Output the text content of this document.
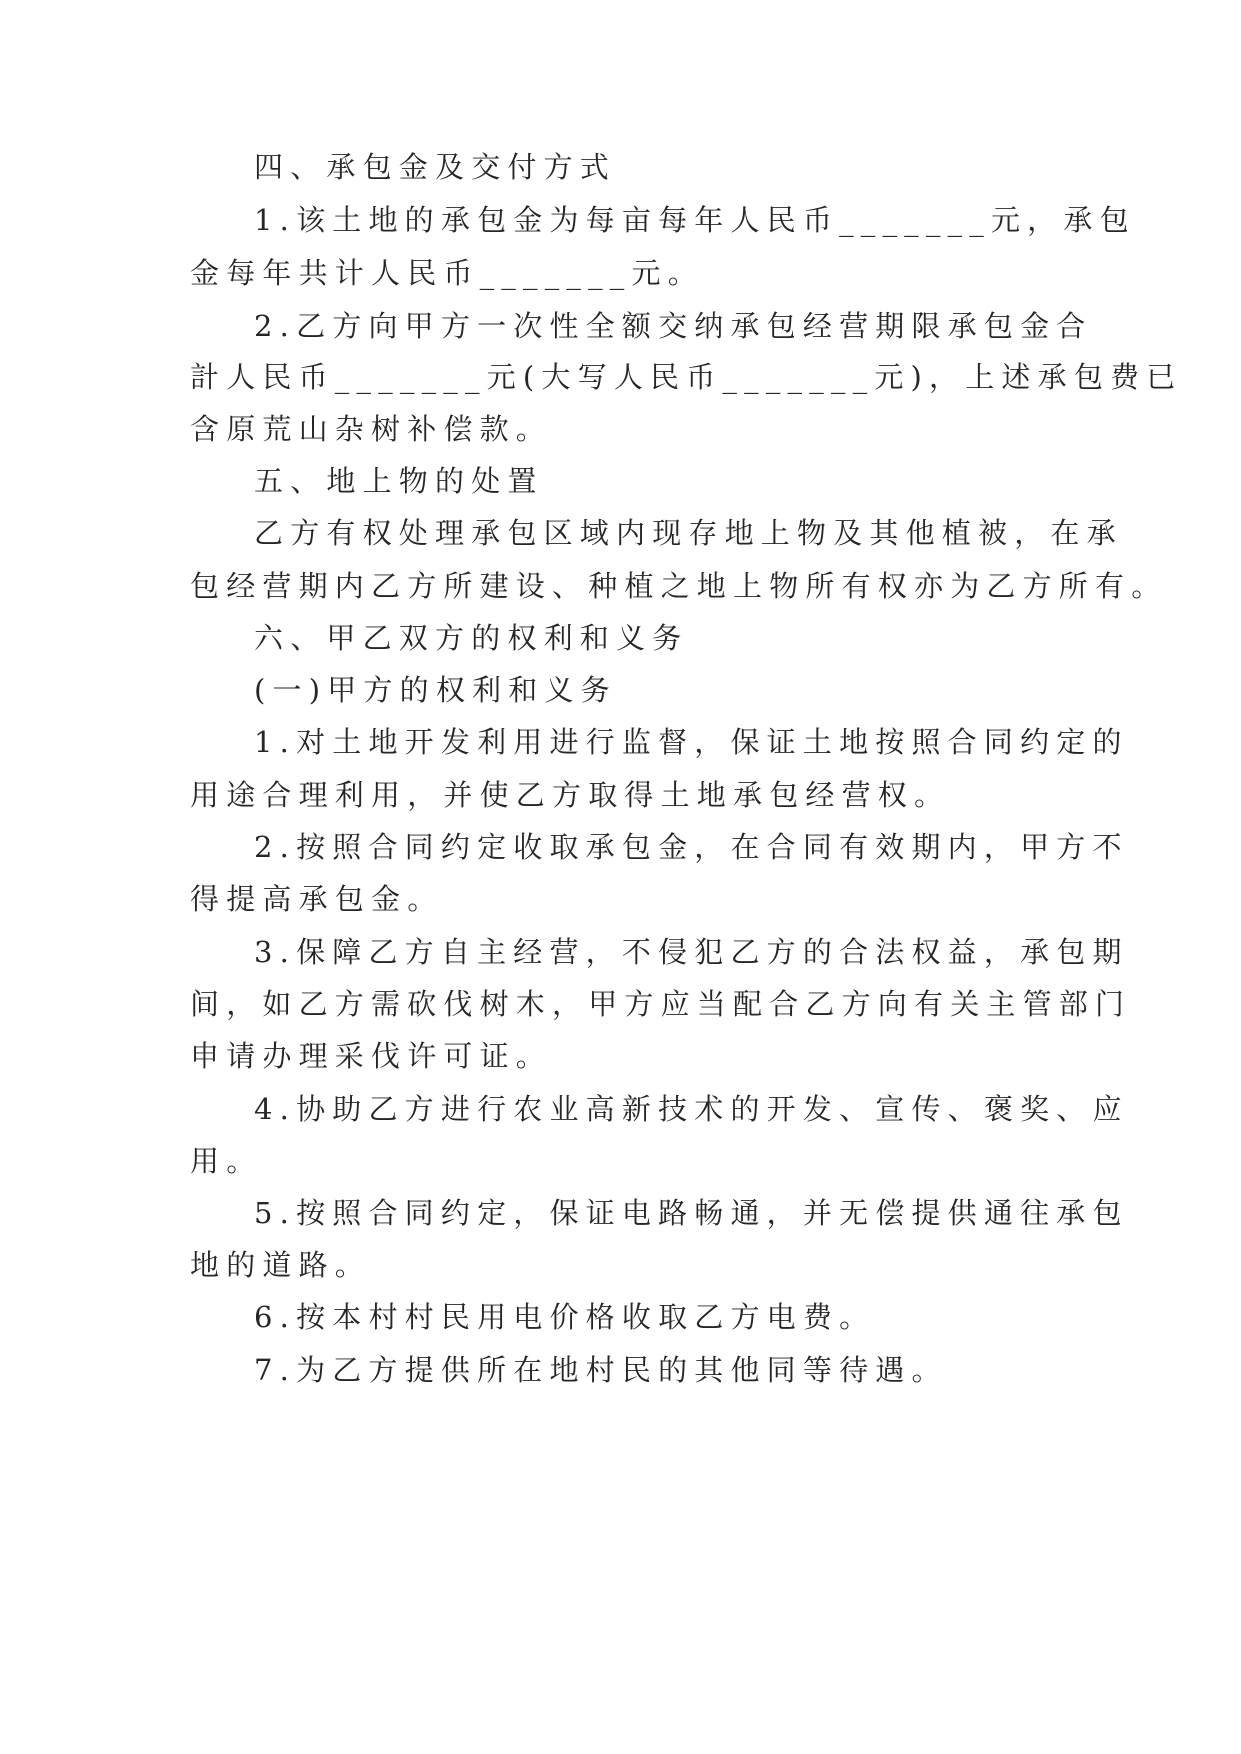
四、承包金及交付方式
1.该土地的承包金为每亩每年人民币_______元，承包
金每年共计人民币_______元。
2.乙方向甲方一次性全额交纳承包经营期限承包金合
計人民币_______元(大写人民币_______元)，上述承包费已
含原荒山杂树补偿款。
五、地上物的处置
乙方有权处理承包区域内现存地上物及其他植被，在承
包经营期内乙方所建设、种植之地上物所有权亦为乙方所有。
六、甲乙双方的权利和义务
(一)甲方的权利和义务
1.对土地开发利用进行监督，保证土地按照合同约定的
用途合理利用，并使乙方取得土地承包经营权。
2.按照合同约定收取承包金，在合同有效期内，甲方不
得提高承包金。
3.保障乙方自主经营，不侵犯乙方的合法权益，承包期
间，如乙方需砍伐树木，甲方应当配合乙方向有关主管部门
申请办理采伐许可证。
4.协助乙方进行农业高新技术的开发、宣传、褒奖、应
用。
5.按照合同约定，保证电路畅通，并无偿提供通往承包
地的道路。
6.按本村村民用电价格收取乙方电费。
7.为乙方提供所在地村民的其他同等待遇。
